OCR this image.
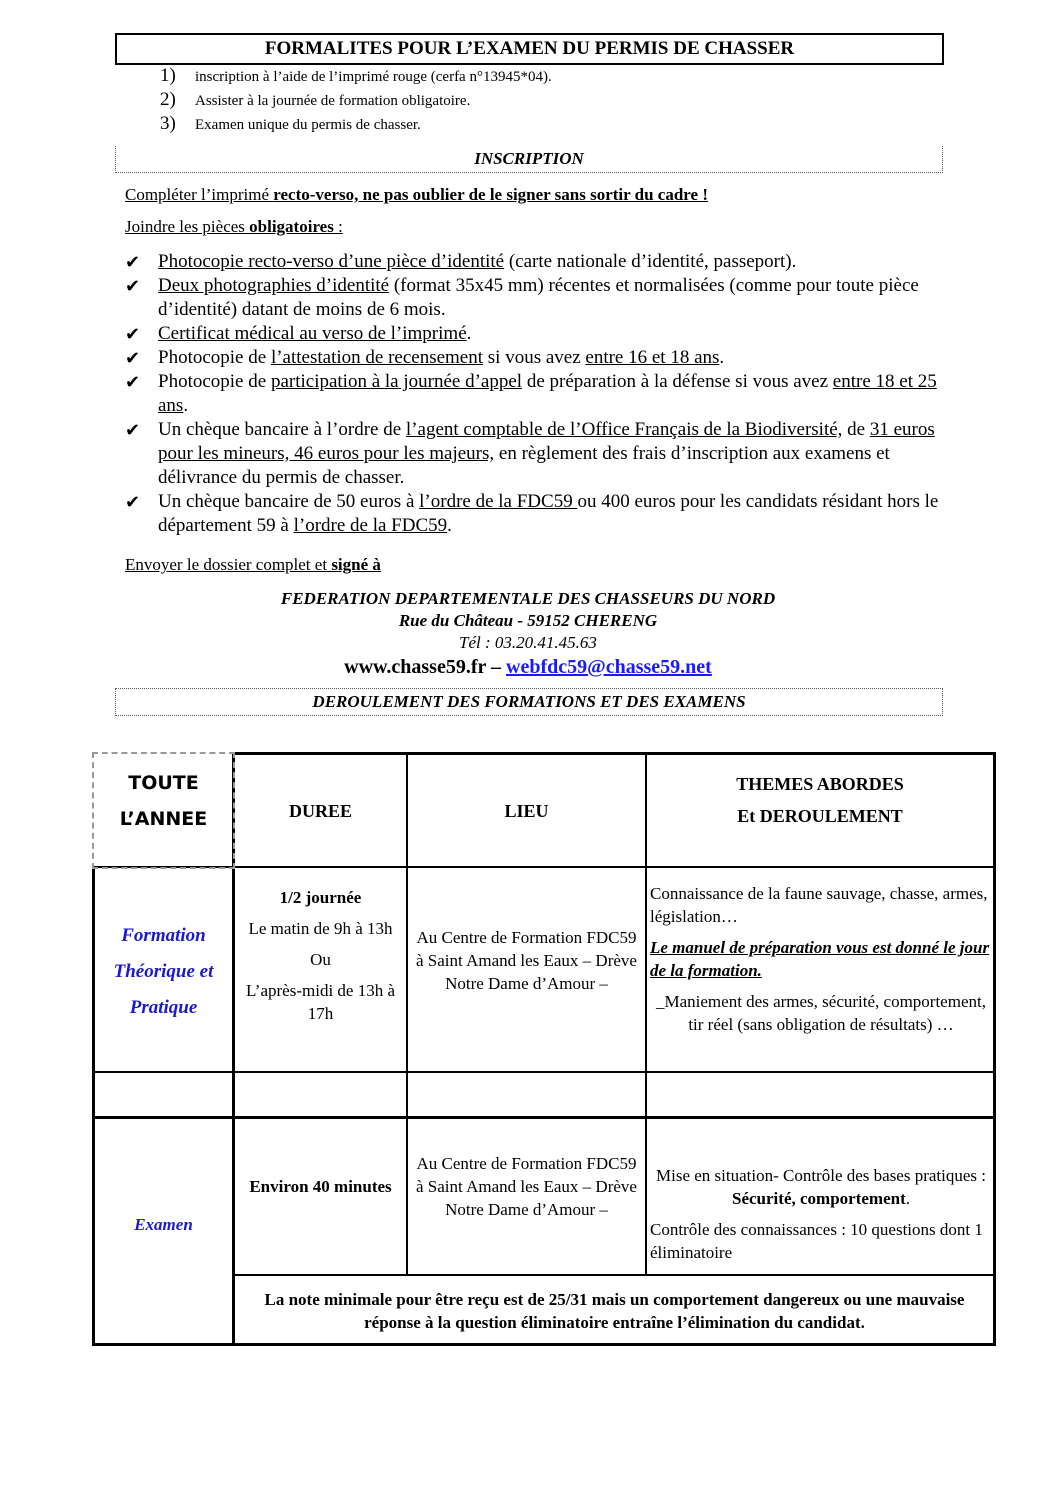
FORMALITES POUR L’EXAMEN DU PERMIS DE CHASSER
1) inscription à l’aide de l’imprimé rouge (cerfa n°13945*04).
2) Assister à la journée de formation obligatoire.
3) Examen unique du permis de chasser.
INSCRIPTION
Compléter l’imprimé recto-verso, ne pas oublier de le signer sans sortir du cadre !
Joindre les pièces obligatoires :
✔ Photocopie recto-verso d’une pièce d’identité (carte nationale d’identité, passeport).
✔ Deux photographies d’identité (format 35x45 mm) récentes et normalisées (comme pour toute pièce d’identité) datant de moins de 6 mois.
✔ Certificat médical au verso de l’imprimé.
✔ Photocopie de l’attestation de recensement si vous avez entre 16 et 18 ans.
✔ Photocopie de participation à la journée d’appel de préparation à la défense si vous avez entre 18 et 25 ans.
✔ Un chèque bancaire à l’ordre de l’agent comptable de l’Office Français de la Biodiversité, de 31 euros pour les mineurs, 46 euros pour les majeurs, en règlement des frais d’inscription aux examens et délivrance du permis de chasser.
✔ Un chèque bancaire de 50 euros à l’ordre de la FDC59 ou 400 euros pour les candidats résidant hors le département 59 à l’ordre de la FDC59.
Envoyer le dossier complet et signé à
FEDERATION DEPARTEMENTALE DES CHASSEURS DU NORD
Rue du Château - 59152 CHERENG
Tél : 03.20.41.45.63
www.chasse59.fr – webfdc59@chasse59.net
DEROULEMENT DES FORMATIONS ET DES EXAMENS
TOUTE
L’ANNEE	DUREE	LIEU
THEMES ABORDES
Et DEROULEMENT
Formation
Théorique et
Pratique
1/2 journée
Le matin de 9h à 13h
Ou
L’après-midi de 13h à 17h
Au Centre de Formation FDC59 à Saint Amand les Eaux – Drève Notre Dame d’Amour –
Connaissance de la faune sauvage, chasse, armes, législation…
Le manuel de préparation vous est donné le jour de la formation.
_Maniement des armes, sécurité, comportement, tir réel (sans obligation de résultats) …
Examen
Environ 40 minutes
Au Centre de Formation FDC59 à Saint Amand les Eaux – Drève Notre Dame d’Amour –
Mise en situation- Contrôle des bases pratiques : Sécurité, comportement.
Contrôle des connaissances : 10 questions dont 1 éliminatoire
La note minimale pour être reçu est de 25/31 mais un comportement dangereux ou une mauvaise réponse à la question éliminatoire entraîne l’élimination du candidat.
